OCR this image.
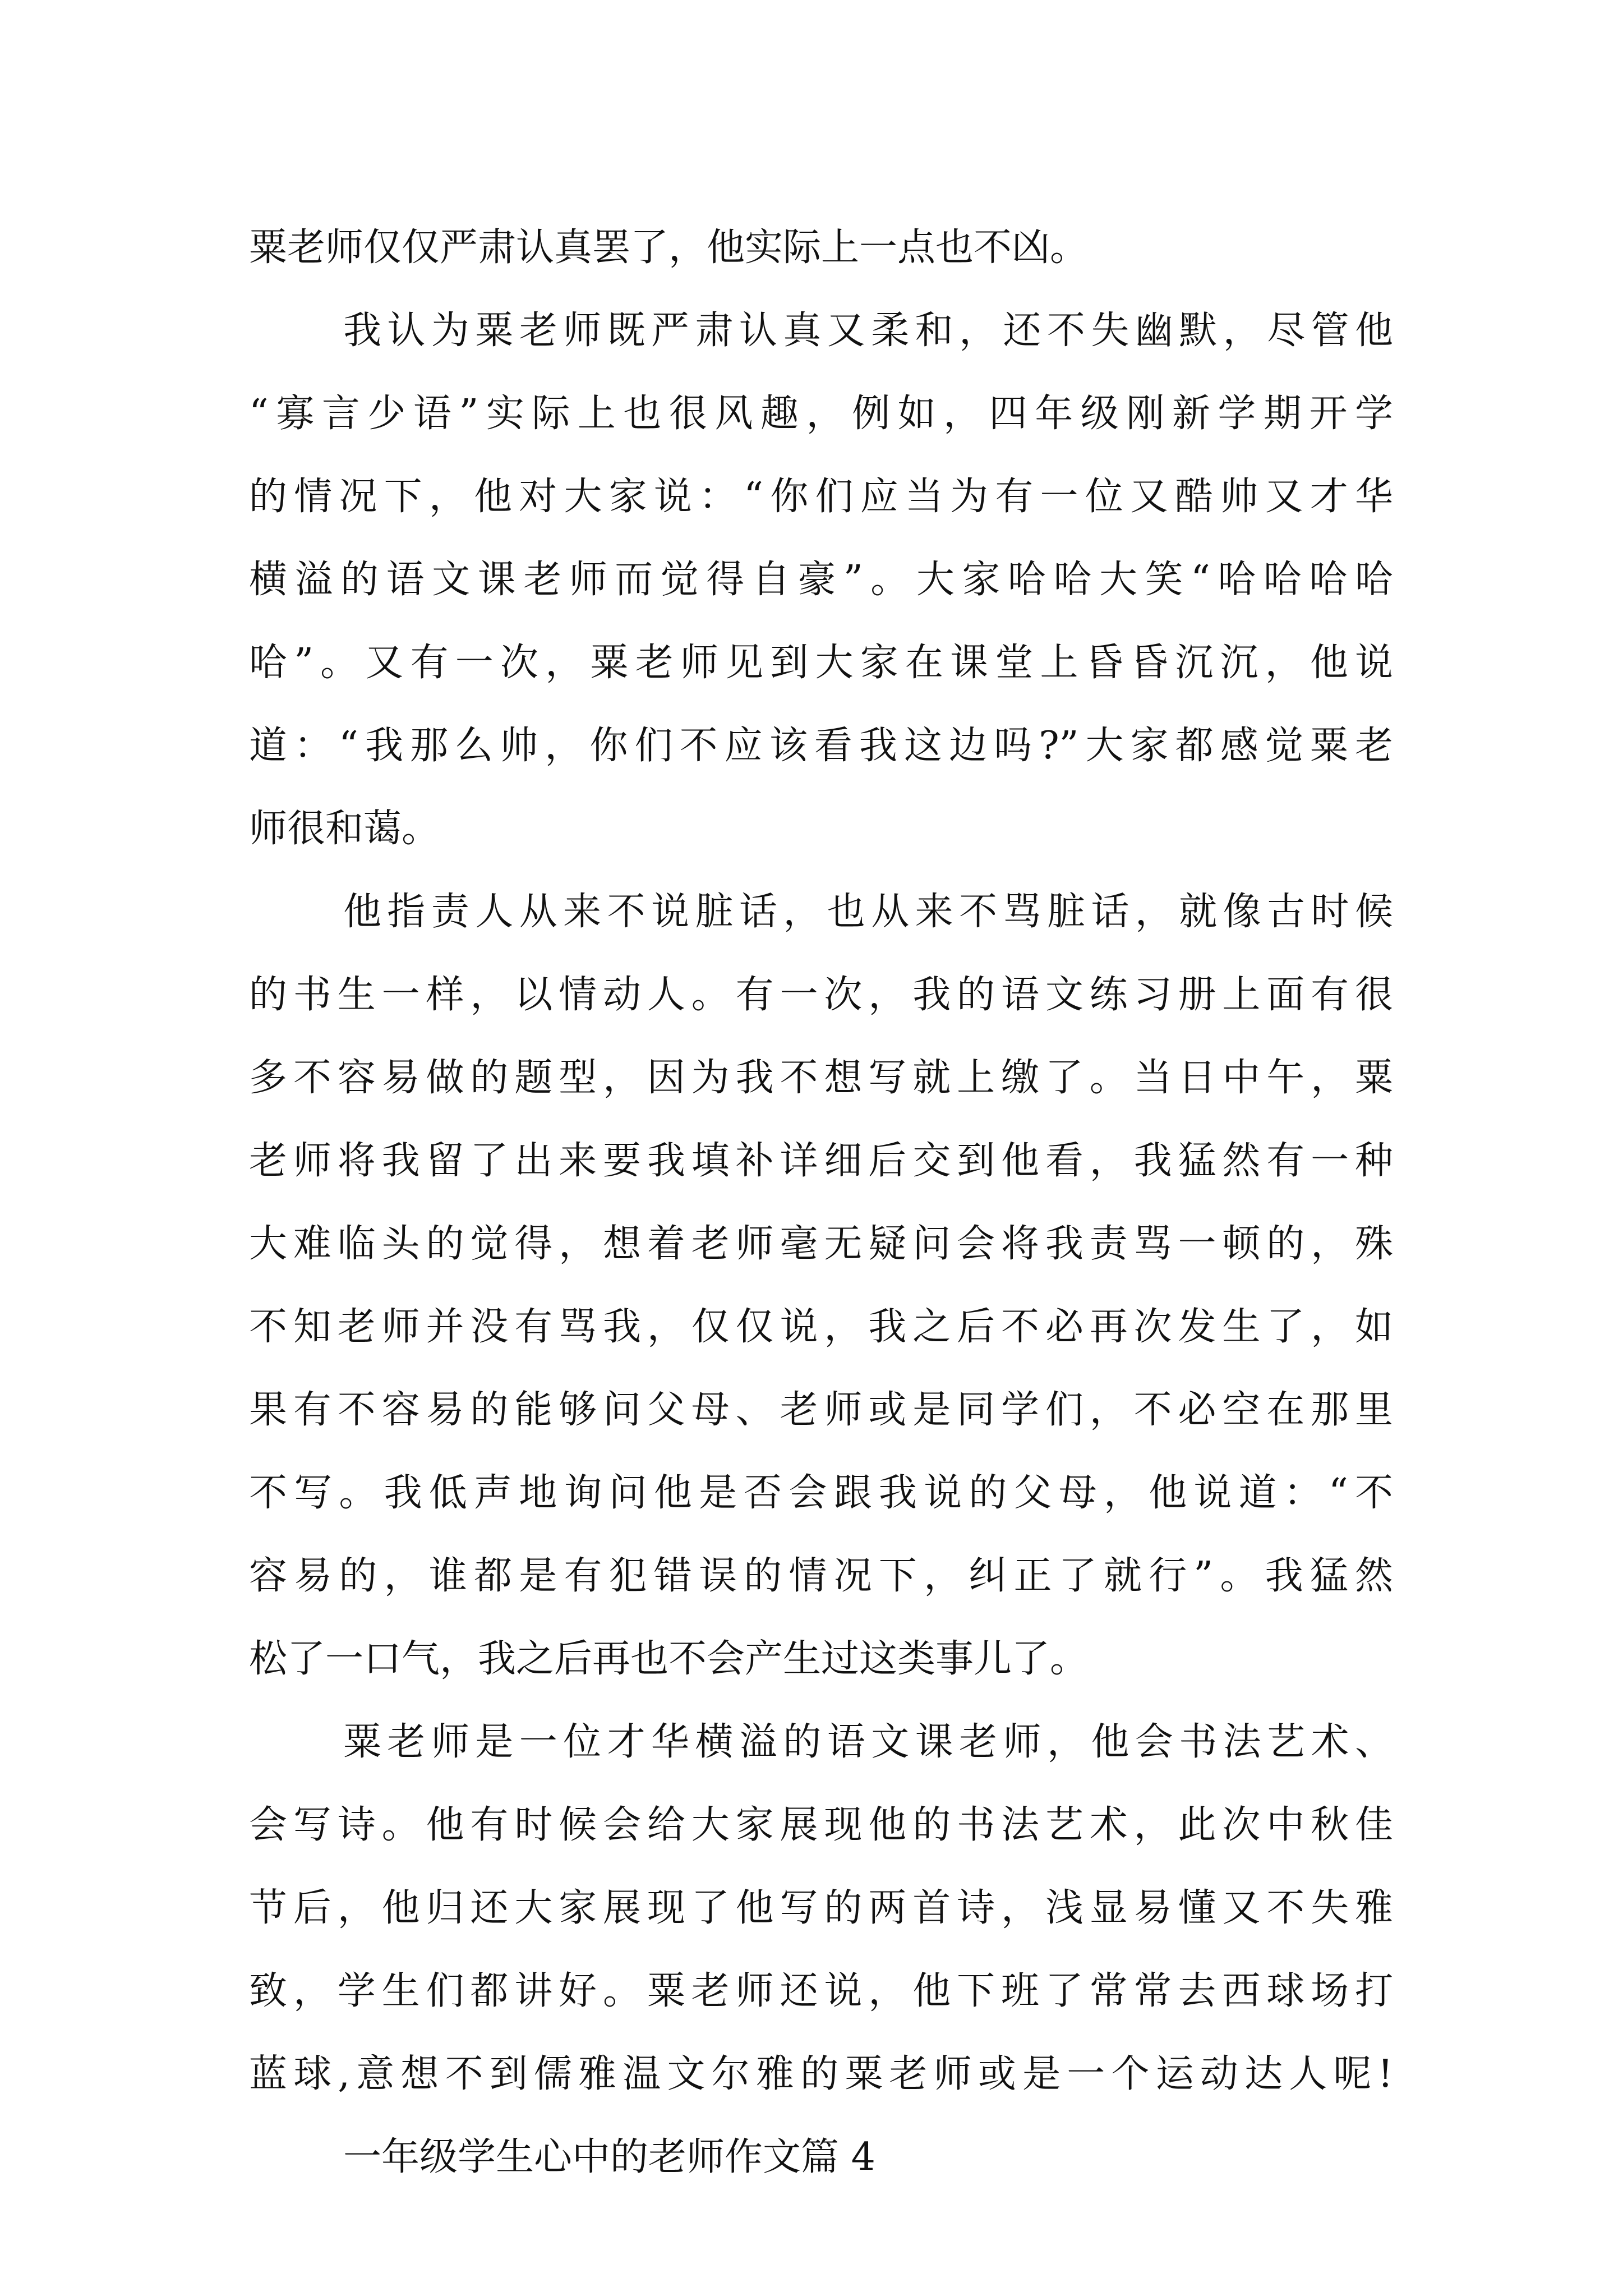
粟老师仅仅严肃认真罢了，他实际上一点也不凶。
我认为粟老师既严肃认真又柔和，还不失幽默，尽管他
“寡言少语”实际上也很风趣，例如，四年级刚新学期开学
的情况下，他对大家说：“你们应当为有一位又酷帅又才华
横溢的语文课老师而觉得自豪”。大家哈哈大笑“哈哈哈哈
哈”。又有一次，粟老师见到大家在课堂上昏昏沉沉，他说
道：“我那么帅，你们不应该看我这边吗?”大家都感觉粟老
师很和蔼。
他指责人从来不说脏话，也从来不骂脏话，就像古时候
的书生一样，以情动人。有一次，我的语文练习册上面有很
多不容易做的题型，因为我不想写就上缴了。当日中午，粟
老师将我留了出来要我填补详细后交到他看，我猛然有一种
大难临头的觉得，想着老师毫无疑问会将我责骂一顿的，殊
不知老师并没有骂我，仅仅说，我之后不必再次发生了，如
果有不容易的能够问父母、老师或是同学们，不必空在那里
不写。我低声地询问他是否会跟我说的父母，他说道：“不
容易的，谁都是有犯错误的情况下，纠正了就行”。我猛然
松了一口气，我之后再也不会产生过这类事儿了。
粟老师是一位才华横溢的语文课老师，他会书法艺术、
会写诗。他有时候会给大家展现他的书法艺术，此次中秋佳
节后，他归还大家展现了他写的两首诗，浅显易懂又不失雅
致，学生们都讲好。粟老师还说，他下班了常常去西球场打
蓝球,意想不到儒雅温文尔雅的粟老师或是一个运动达人呢!
一年级学生心中的老师作文篇 4
